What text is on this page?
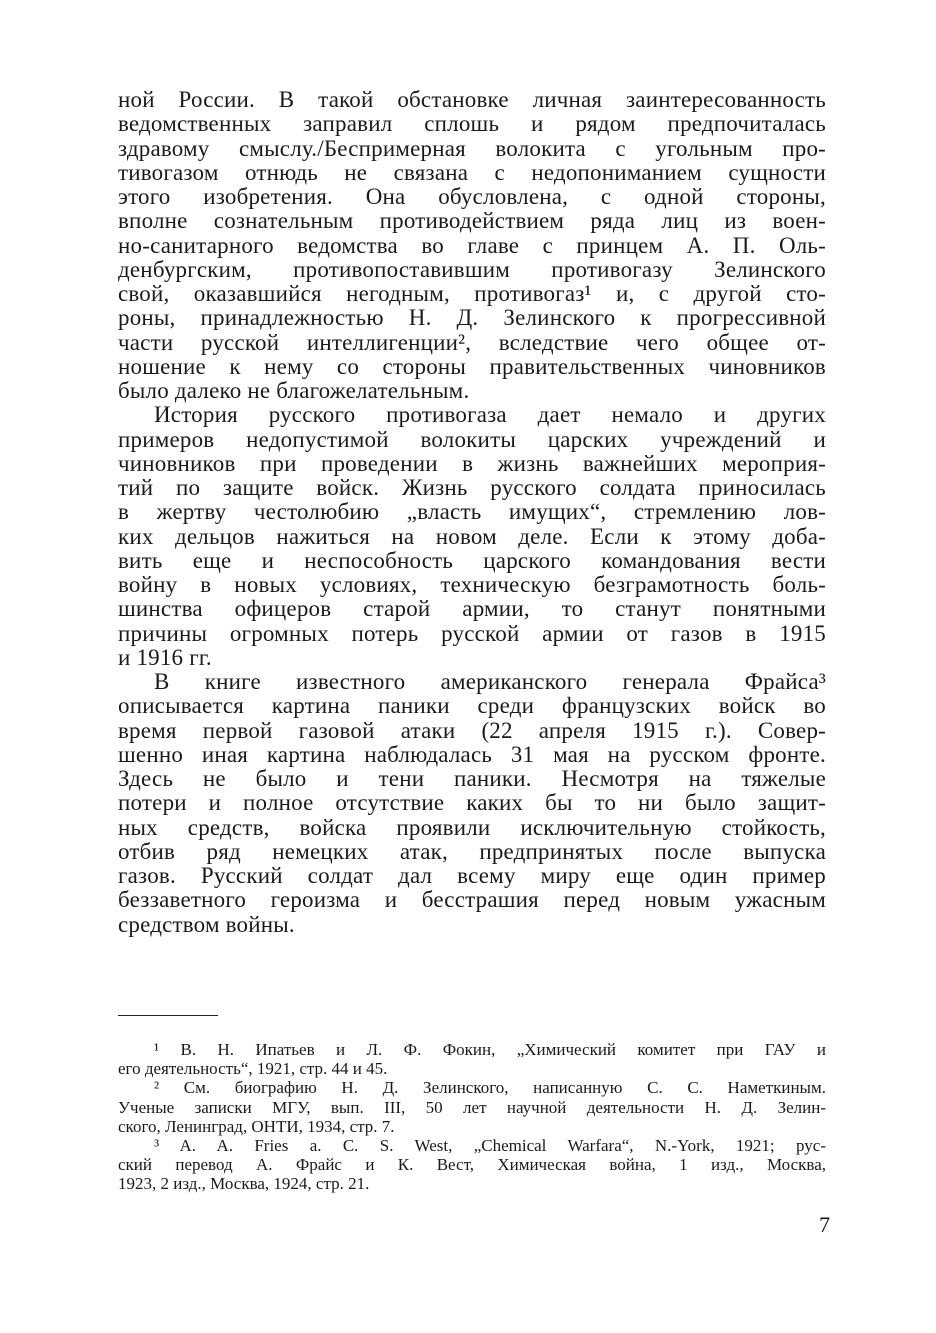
ной России. В такой обстановке личная заинтересованность
ведомственных заправил сплошь и рядом предпочиталась
здравому смыслу./Беспримерная волокита с угольным про-
тивогазом отнюдь не связана с недопониманием сущности
этого изобретения. Она обусловлена, с одной стороны,
вполне сознательным противодействием ряда лиц из воен-
но-санитарного ведомства во главе с принцем А. П. Оль-
денбургским, противопоставившим противогазу Зелинского
свой, оказавшийся негодным, противогаз¹ и, с другой сто-
роны, принадлежностью Н. Д. Зелинского к прогрессивной
части русской интеллигенции², вследствие чего общее от-
ношение к нему со стороны правительственных чиновников
было далеко не благожелательным.
История русского противогаза дает немало и других
примеров недопустимой волокиты царских учреждений и
чиновников при проведении в жизнь важнейших мероприя-
тий по защите войск. Жизнь русского солдата приносилась
в жертву честолюбию „власть имущих“, стремлению лов-
ких дельцов нажиться на новом деле. Если к этому доба-
вить еще и неспособность царского командования вести
войну в новых условиях, техническую безграмотность боль-
шинства офицеров старой армии, то станут понятными
причины огромных потерь русской армии от газов в 1915
и 1916 гг.
В книге известного американского генерала Фрайса³
описывается картина паники среди французских войск во
время первой газовой атаки (22 апреля 1915 г.). Совер-
шенно иная картина наблюдалась 31 мая на русском фронте.
Здесь не было и тени паники. Несмотря на тяжелые
потери и полное отсутствие каких бы то ни было защит-
ных средств, войска проявили исключительную стойкость,
отбив ряд немецких атак, предпринятых после выпуска
газов. Русский солдат дал всему миру еще один пример
беззаветного героизма и бесстрашия перед новым ужасным
средством войны.
¹ В. Н. Ипатьев и Л. Ф. Фокин, „Химический комитет при ГАУ и
его деятельность“, 1921, стр. 44 и 45.
² См. биографию Н. Д. Зелинского, написанную С. С. Наметкиным.
Ученые записки МГУ, вып. III, 50 лет научной деятельности Н. Д. Зелин-
ского, Ленинград, ОНТИ, 1934, стр. 7.
³ A. A. Fries a. C. S. West, „Chemical Warfara“, N.-York, 1921; рус-
ский перевод А. Фрайс и К. Вест, Химическая война, 1 изд., Москва,
1923, 2 изд., Москва, 1924, стр. 21.
7
